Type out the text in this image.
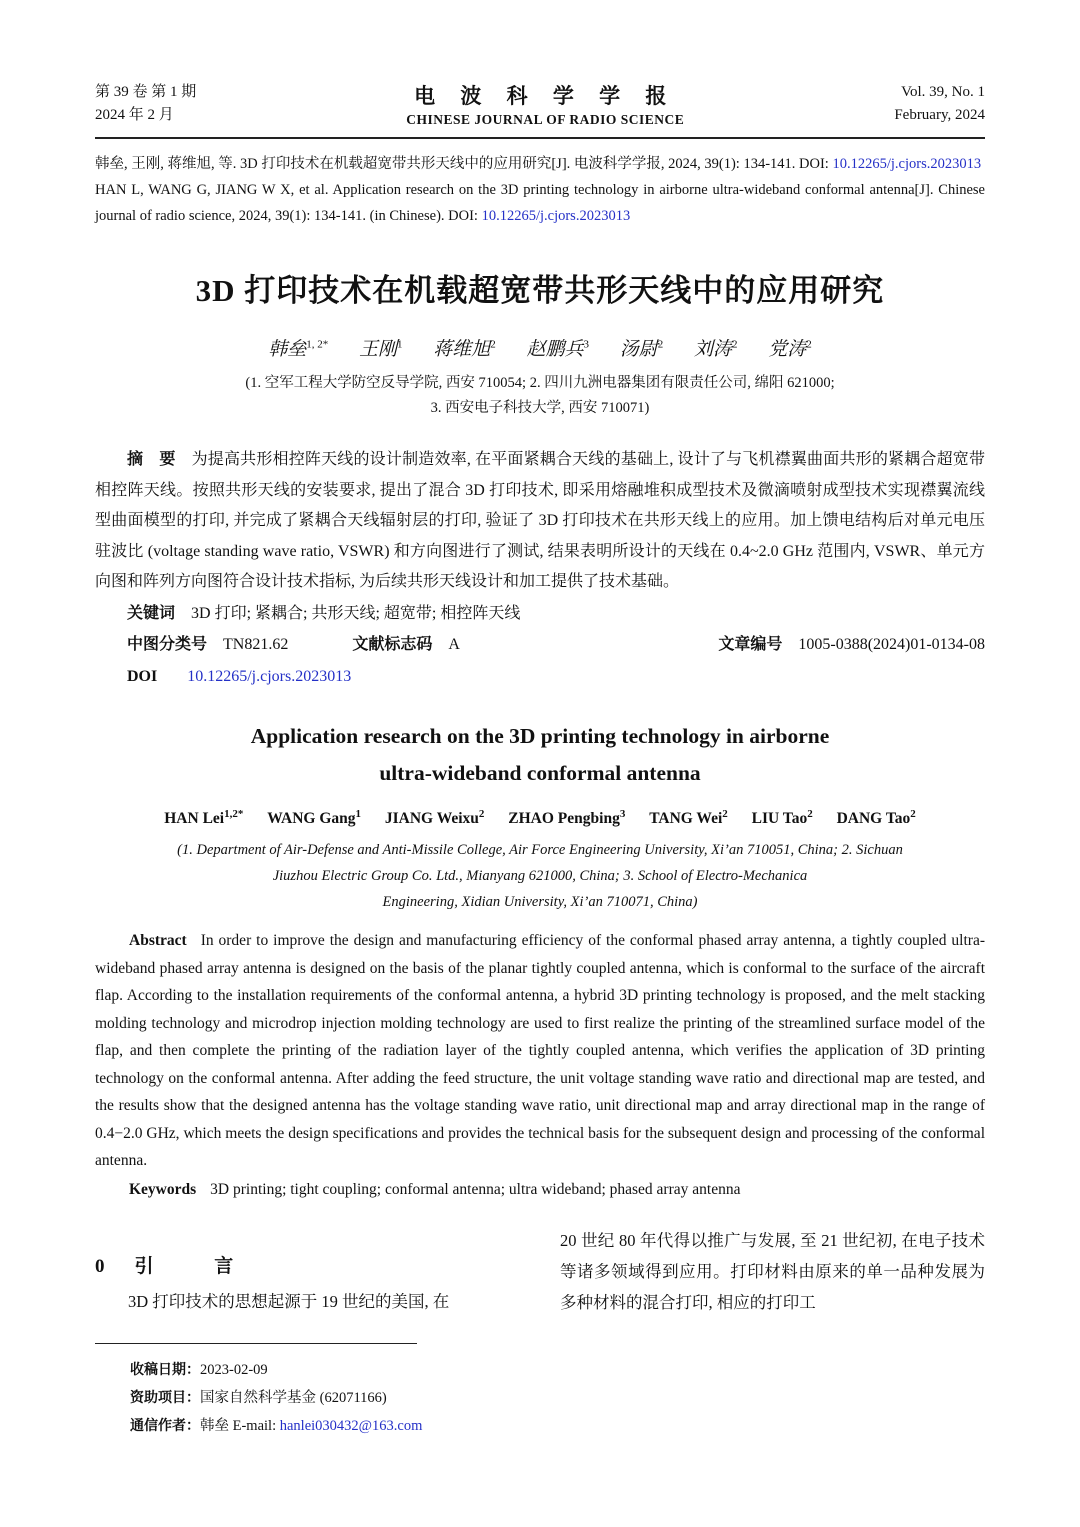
第 39 卷 第 1 期
2024 年 2 月
电 波 科 学 学 报
CHINESE JOURNAL OF RADIO SCIENCE
Vol. 39, No. 1
February, 2024

韩垒, 王刚, 蒋维旭, 等. 3D 打印技术在机载超宽带共形天线中的应用研究[J]. 电波科学学报, 2024, 39(1): 134-141. DOI: 10.12265/j.cjors.2023013

HAN L, WANG G, JIANG W X, et al. Application research on the 3D printing technology in airborne ultra-wideband conformal antenna[J]. Chinese journal of radio science, 2024, 39(1): 134-141. (in Chinese). DOI: 10.12265/j.cjors.2023013

3D 打印技术在机载超宽带共形天线中的应用研究
韩垒$^{1, 2*}$ 王刚$^1$ 蒋维旭$^2$ 赵鹏兵$^3$ 汤尉$^2$ 刘涛$^2$ 党涛$^2$
(1. 空军工程大学防空反导学院, 西安 710054; 2. 四川九洲电器集团有限责任公司, 绵阳 621000;
3. 西安电子科技大学, 西安 710071)

摘 要 为提高共形相控阵天线的设计制造效率, 在平面紧耦合天线的基础上, 设计了与飞机襟翼曲面共形的紧耦合超宽带相控阵天线。按照共形天线的安装要求, 提出了混合 3D 打印技术, 即采用熔融堆积成型技术及微滴喷射成型技术实现襟翼流线型曲面模型的打印, 并完成了紧耦合天线辐射层的打印, 验证了 3D 打印技术在共形天线上的应用。加上馈电结构后对单元电压驻波比 (voltage standing wave ratio, VSWR) 和方向图进行了测试, 结果表明所设计的天线在 0.4~2.0 GHz 范围内, VSWR、单元方向图和阵列方向图符合设计技术指标, 为后续共形天线设计和加工提供了技术基础。

关键词 3D 打印; 紧耦合; 共形天线; 超宽带; 相控阵天线

中图分类号 TN821.62	文献标志码 A	文章编号 1005-0388(2024)01-0134-08

DOI 10.12265/j.cjors.2023013

Application research on the 3D printing technology in airborne
ultra-wideband conformal antenna
HAN Lei$^{1,2*}$ WANG Gang$^1$ JIANG Weixu$^2$ ZHAO Pengbing$^3$ TANG Wei$^2$ LIU Tao$^2$ DANG Tao$^2$
(1. Department of Air-Defense and Anti-Missile College, Air Force Engineering University, Xi’an 710051, China; 2. Sichuan
Jiuzhou Electric Group Co. Ltd., Mianyang 621000, China; 3. School of Electro-Mechanica
Engineering, Xidian University, Xi’an 710071, China)

Abstract In order to improve the design and manufacturing efficiency of the conformal phased array antenna, a tightly coupled ultra-wideband phased array antenna is designed on the basis of the planar tightly coupled antenna, which is conformal to the surface of the aircraft flap. According to the installation requirements of the conformal antenna, a hybrid 3D printing technology is proposed, and the melt stacking molding technology and microdrop injection molding technology are used to first realize the printing of the streamlined surface model of the flap, and then complete the printing of the radiation layer of the tightly coupled antenna, which verifies the application of 3D printing technology on the conformal antenna. After adding the feed structure, the unit voltage standing wave ratio and directional map are tested, and the results show that the designed antenna has the voltage standing wave ratio, unit directional map and array directional map in the range of 0.4−2.0 GHz, which meets the design specifications and provides the technical basis for the subsequent design and processing of the conformal antenna.

Keywords 3D printing; tight coupling; conformal antenna; ultra wideband; phased array antenna

0 引 言

3D 打印技术的思想起源于 19 世纪的美国, 在

收稿日期：2023-02-09

资助项目：国家自然科学基金 (62071166)

通信作者：韩垒 E-mail: hanlei030432@163.com

20 世纪 80 年代得以推广与发展, 至 21 世纪初, 在电子技术等诸多领域得到应用。打印材料由原来的单一品种发展为多种材料的混合打印, 相应的打印工
